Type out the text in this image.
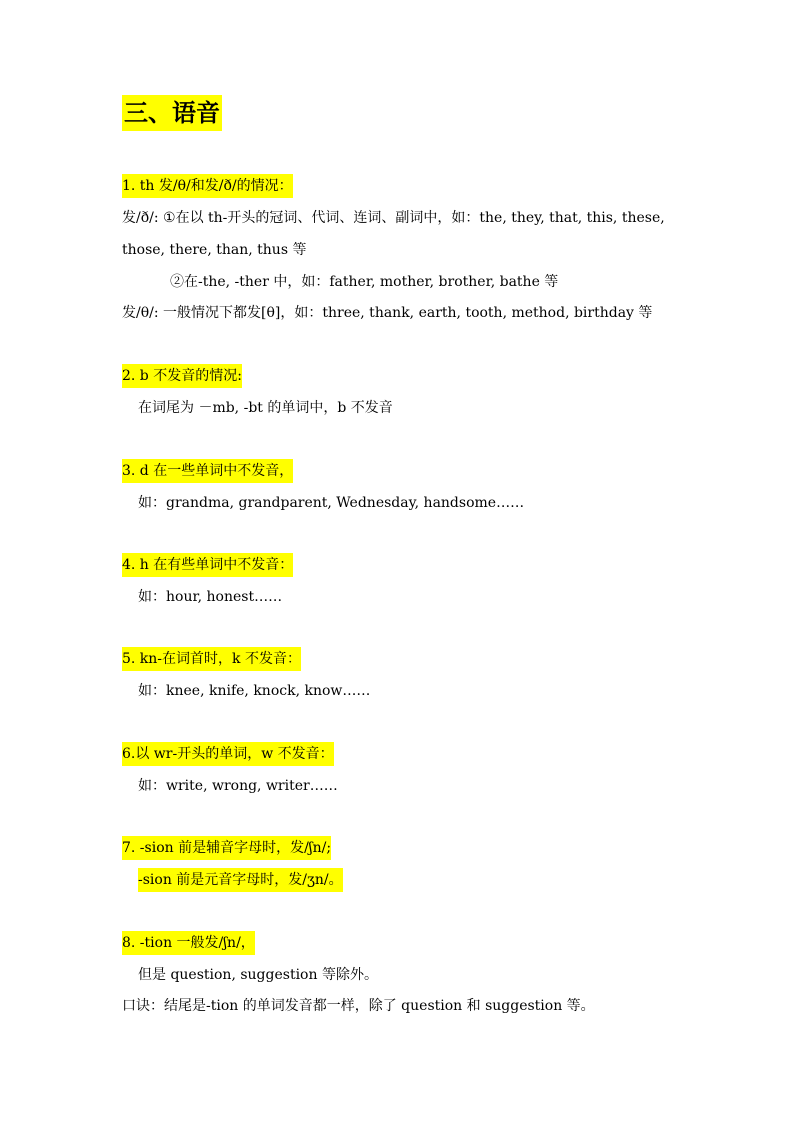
三、语音
1. th 发/θ/和发/ð/的情况：
发/ð/: ①在以 th-开头的冠词、代词、连词、副词中，如：the, they, that, this, these,
those, there, than, thus 等
②在-the, -ther 中，如：father, mother, brother, bathe 等
发/θ/: 一般情况下都发[θ]，如：three, thank, earth, tooth, method, birthday 等
2. b 不发音的情况:
在词尾为 －mb, -bt 的单词中，b 不发音
3. d 在一些单词中不发音，
如：grandma, grandparent, Wednesday, handsome……
4. h 在有些单词中不发音：
如：hour, honest……
5. kn-在词首时，k 不发音：
如：knee, knife, knock, know……
6.以 wr-开头的单词，w 不发音：
如：write, wrong, writer……
7. -sion 前是辅音字母时，发/ʃn/;
-sion 前是元音字母时，发/ʒn/。
8. -tion 一般发/ʃn/，
但是 question, suggestion 等除外。
口诀：结尾是-tion 的单词发音都一样，除了 question 和 suggestion 等。
